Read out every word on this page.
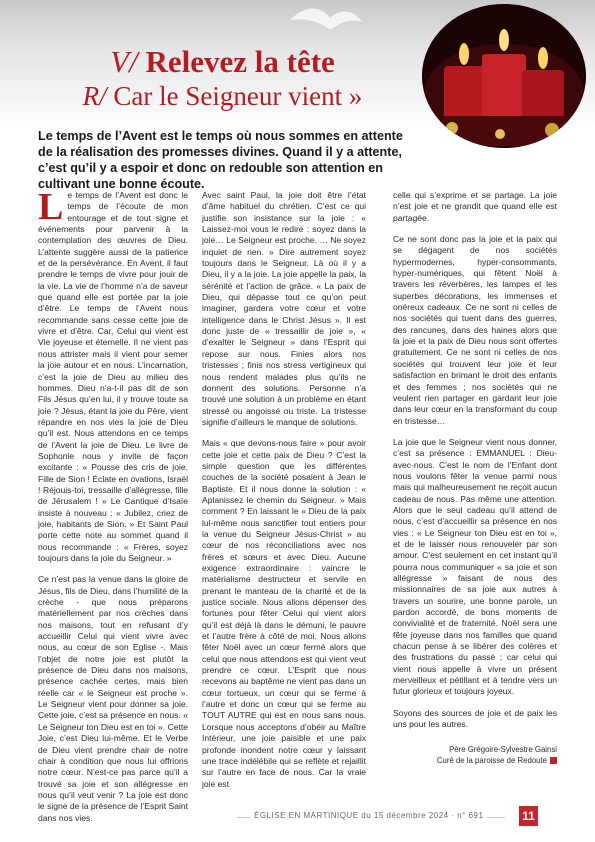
V/ Relevez la tête
R/ Car le Seigneur vient »
Le temps de l’Avent est le temps où nous sommes en attente de la réalisation des promesses divines. Quand il y a attente, c’est qu’il y a espoir et donc on redouble son attention en cultivant une bonne écoute.

Le temps de l’Avent est donc le temps de l’écoute de mon entourage et de tout signe et événements pour parvenir à la contemplation des œuvres de Dieu. L’attente suggère aussi de la patience et de la persévérance. En Avent, il faut prendre le temps de vivre pour jouir de la vie. La vie de l’homme n’a de saveur que quand elle est portée par la joie d’être. Le temps de l’Avent nous recommande sans cesse cette joie de vivre et d’être. Car, Celui qui vient est Vie joyeuse et éternelle. Il ne vient pas nous attrister mais il vient pour semer la joie autour et en nous. L’incarnation, c’est la joie de Dieu au milieu des hommes. Dieu n’a-t-il pas dit de son Fils Jésus qu’en lui, il y trouve toute sa joie ? Jésus, étant la joie du Père, vient répandre en nos vies la joie de Dieu qu’il est. Nous attendons en ce temps de l’Avent la joie de Dieu. Le livre de Sophonie nous y invite de façon excitante : « Pousse des cris de joie, Fille de Sion ! Éclate en ovations, Israël ! Réjouis-toi, tressaille d’allégresse, fille de Jérusalem ! » Le Cantique d’Isaïe insiste à nouveau : « Jubilez, criez de joie, habitants de Sion. » Et Saint Paul porte cette note au sommet quand il nous recommande : « Frères, soyez toujours dans la joie du Seigneur. »

Ce n’est pas la venue dans la gloire de Jésus, fils de Dieu, dans l’humilité de la crèche - que nous préparons matériellement par nos crèches dans nos maisons, tout en refusant d’y accueillir Celui qui vient vivre avec nous, au cœur de son Eglise -. Mais l’objet de notre joie est plutôt la présence de Dieu dans nos maisons, présence cachée certes, mais bien réelle car « le Seigneur est proche ». Le Seigneur vient pour donner sa joie. Cette joie, c’est sa présence en nous. « Le Seigneur ton Dieu est en toi ». Cette Joie, c’est Dieu lui-même. Et le Verbe de Dieu vient prendre chair de notre chair à condition que nous lui offrions notre cœur. N’est-ce pas parce qu’il a trouvé sa joie et son allégresse en nous qu’il veut venir ? La joie est donc le signe de la présence de l’Esprit Saint dans nos vies.

Avec saint Paul, la joie doit être l’état d’âme habituel du chrétien. C’est ce qui justifie son insistance sur la joie : « Laissez-moi vous le redire : soyez dans la joie… Le Seigneur est proche. … Ne soyez inquiet de rien. » Dire autrement soyez toujours dans le Seigneur. Là où il y a Dieu, il y a la joie. La joie appelle la paix, la sérénité et l’action de grâce. « La paix de Dieu, qui dépasse tout ce qu’on peut imaginer, gardera votre cœur et votre intelligence dans le Christ Jésus ». Il est donc juste de « tressaillir de joie », « d’exalter le Seigneur » dans l’Esprit qui repose sur nous. Finies alors nos tristesses ; finis nos stress vertigineux qui nous rendent malades plus qu’ils ne donnent des solutions. Personne n’a trouvé une solution à un problème en étant stressé ou angoissé ou triste. La tristesse signifie d’ailleurs le manque de solutions.

Mais « que devons-nous faire » pour avoir cette joie et cette paix de Dieu ? C’est la simple question que les différentes couches de la société posaient à Jean le Baptiste. Et il nous donne la solution : « Aplanissez le chemin du Seigneur. » Mais comment ? En laissant le « Dieu de la paix lui-même nous sanctifier tout entiers pour la venue du Seigneur Jésus-Christ » au cœur de nos réconciliations avec nos frères et sœurs et avec Dieu. Aucune exigence extraordinaire : vaincre le matérialisme destructeur et servile en prenant le manteau de la charité et de la justice sociale. Nous allons dépenser des fortunes pour fêter Celui qui vient alors qu’il est déjà là dans le démuni, le pauvre et l’autre frère à côté de moi. Nous allons fêter Noël avec un cœur fermé alors que celui que nous attendons est qui vient veut prendre ce cœur. L’Esprit que nous recevons au baptême ne vient pas dans un cœur tortueux, un cœur qui se ferme à l’autre et donc un cœur qui se ferme au TOUT AUTRE qui est en nous sans nous. Lorsque nous acceptons d’obéir au Maître Intérieur, une joie paisible et une paix profonde inondent notre cœur y laissant une trace indélébile qui se reflète et rejaillit sur l’autre en face de nous. Car la vraie joie est

celle qui s’exprime et se partage. La joie n’est joie et ne grandit que quand elle est partagée.

Ce ne sont donc pas la joie et la paix qui se dégagent de nos sociétés hypermodernes, hyper-consommants, hyper-numériques, qui fêtent Noël à travers les réverbères, les lampes et les superbes décorations, les immenses et onéreux cadeaux. Ce ne sont ni celles de nos sociétés qui tuent dans des guerres, des rancunes, dans des haines alors que la joie et la paix de Dieu nous sont offertes gratuitement. Ce ne sont ni celles de nos sociétés qui trouvent leur joie et leur satisfaction en brimant le droit des enfants et des femmes ; nos sociétés qui ne veulent rien partager en gardant leur joie dans leur cœur en la transformant du coup en tristesse…

La joie que le Seigneur vient nous donner, c’est sa présence : EMMANUEL : Dieu-avec-nous. C’est le nom de l’Enfant dont nous voulons fêter la venue parmi nous mais qui malheureusement ne reçoit aucun cadeau de nous. Pas même une attention. Alors que le seul cadeau qu’il attend de nous, c’est d’accueillir sa présence en nos vies : « Le Seigneur ton Dieu est en toi », et de le laisser nous renouveler par son amour. C’est seulement en cet instant qu’il pourra nous communiquer « sa joie et son allégresse » faisant de nous des missionnaires de sa joie aux autres à travers un sourire, une bonne parole, un pardon accordé, de bons moments de convivialité et de fraternité. Noël sera une fête joyeuse dans nos familles que quand chacun pense à se libérer des colères et des frustrations du passé ; car celui qui vient nous appelle à vivre un présent merveilleux et pétillant et à tendre vers un futur glorieux et toujours joyeux.

Soyons des sources de joie et de paix les uns pour les autres.

Père Grégoire-Sylvestre Gainsi
Curé de la paroisse de Redoute
ÉGLISE EN MARTINIQUE du 15 décembre 2024 · n° 691	11
